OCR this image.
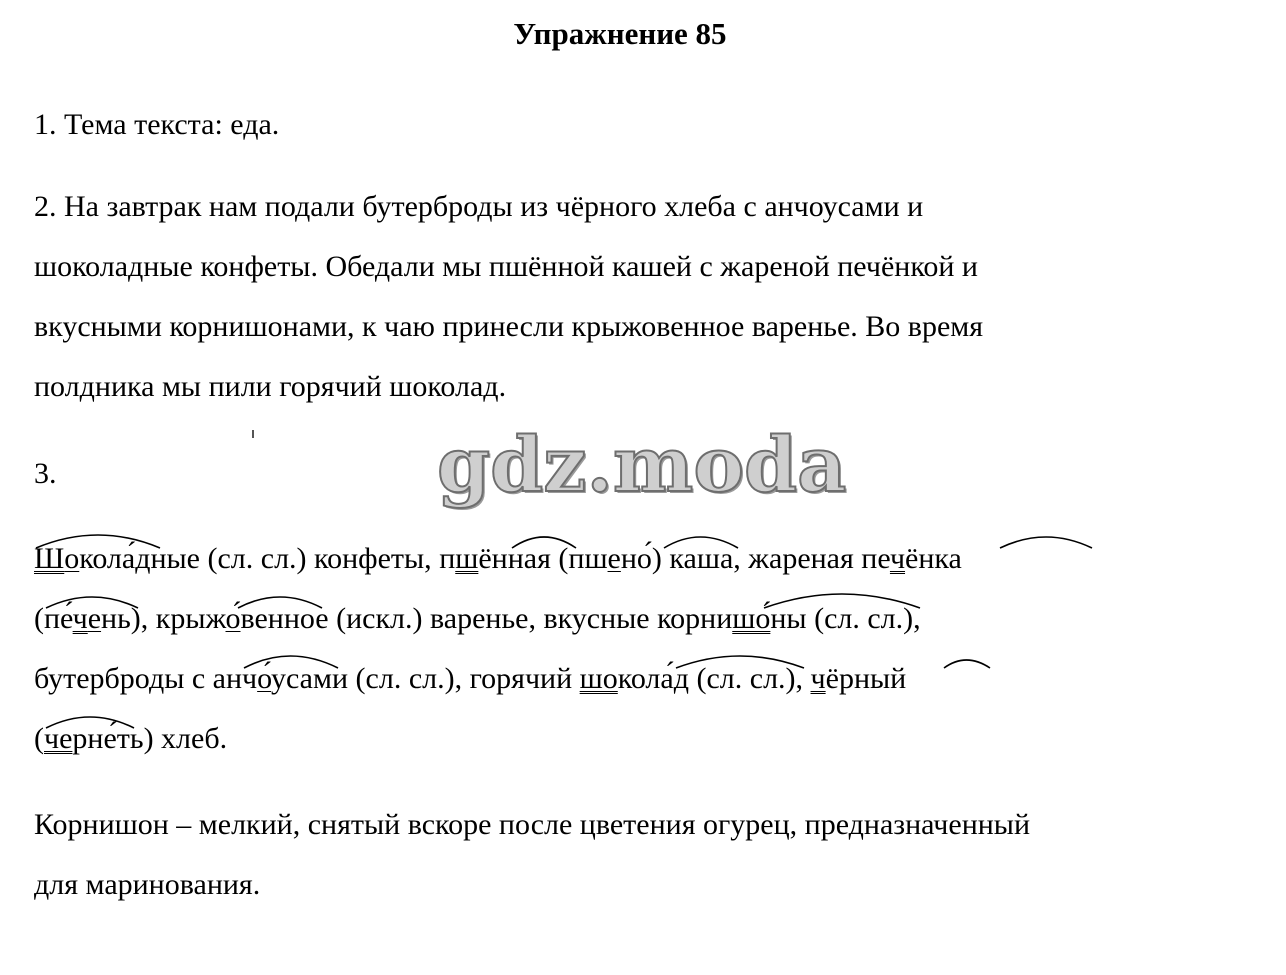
Упражнение 85
1. Тема текста: еда.
2. На завтрак нам подали бутерброды из чёрного хлеба с анчоусами и
шоколадные конфеты. Обедали мы пшённой кашей с жареной печёнкой и
вкусными корнишонами, к чаю принесли крыжовенное варенье. Во время
полдника мы пили горячий шоколад.
3.	gdz.moda
Шокола́дные (сл. сл.) конфеты, пшённая (пшено́) каша, жареная печёнка
(пе́чень), крыжо́венное (искл.) варенье, вкусные корнишо́ны (сл. сл.),
бутерброды с анчо́усами (сл. сл.), горячий шокола́д (сл. сл.), чёрный
(черне́ть) хлеб.
Корнишон – мелкий, снятый вскоре после цветения огурец, предназначенный
для маринования.
